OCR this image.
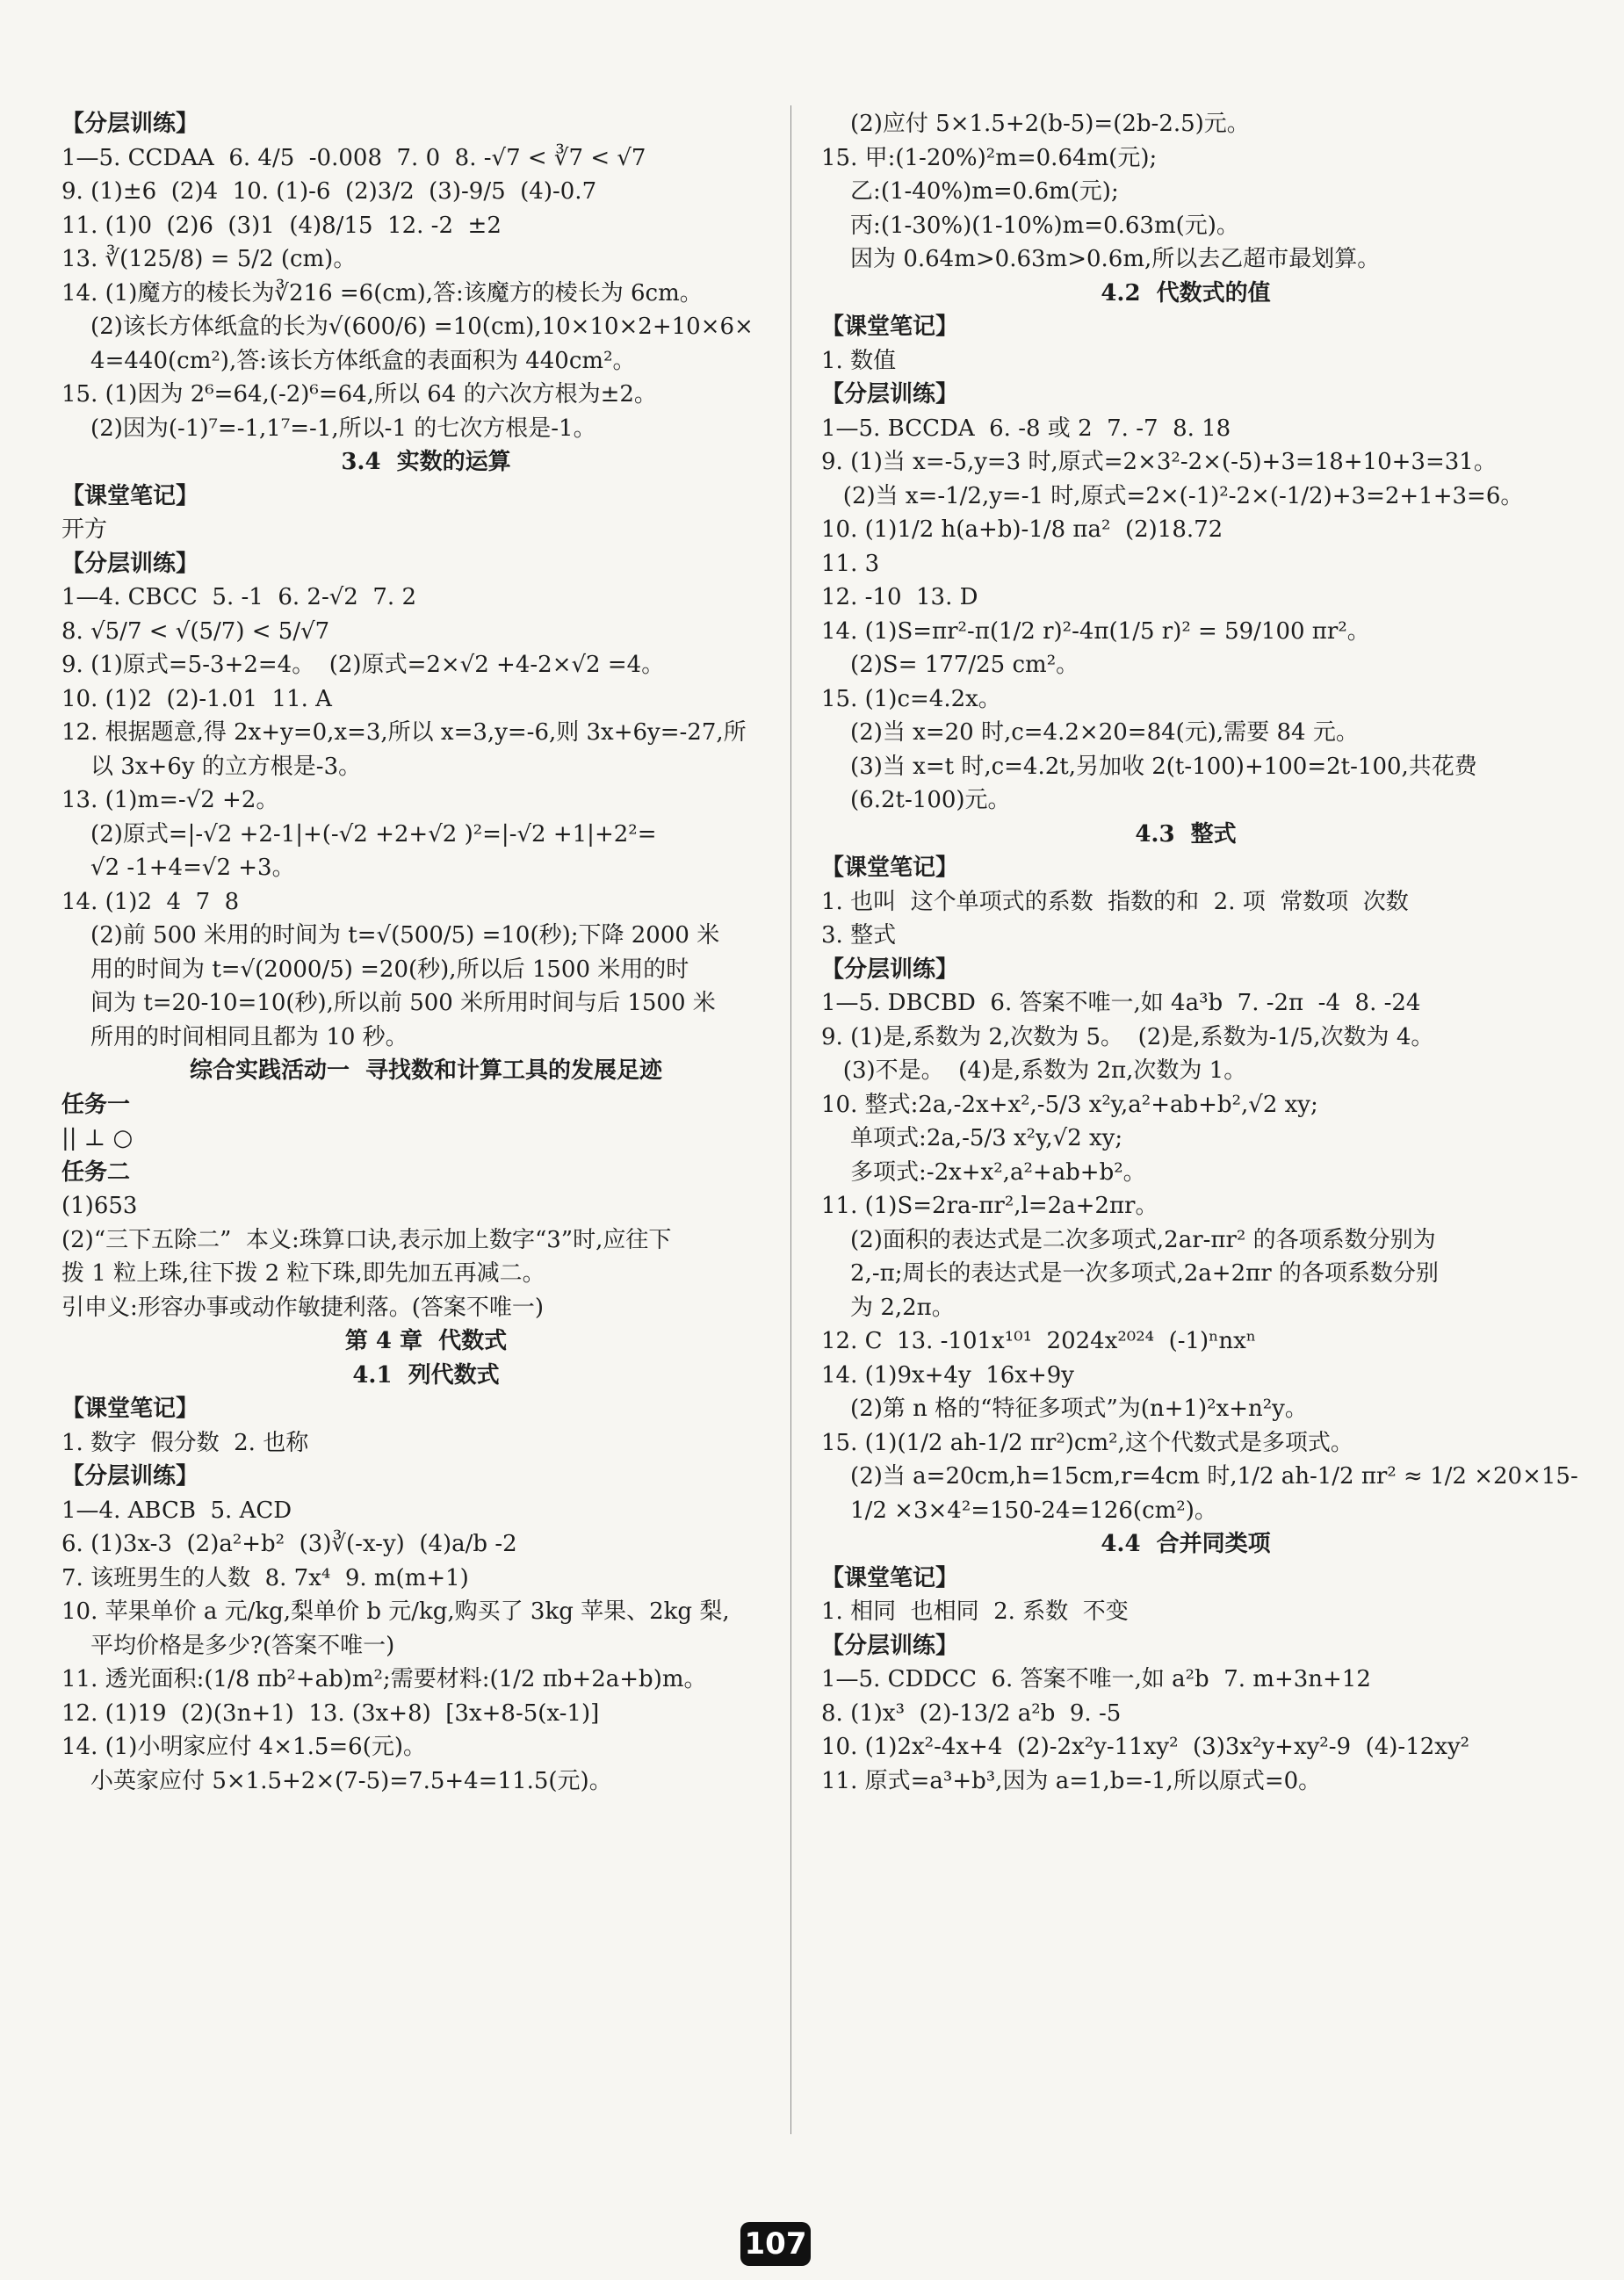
【分层训练】
1—5. CCDAA  6. 4/5  -0.008  7. 0  8. -√7 < ∛7 < √7
9. (1)±6  (2)4  10. (1)-6  (2)3/2  (3)-9/5  (4)-0.7
11. (1)0  (2)6  (3)1  (4)8/15  12. -2  ±2
13. ∛(125/8) = 5/2 (cm)。
14. (1)魔方的棱长为∛216 =6(cm),答:该魔方的棱长为 6cm。
(2)该长方体纸盒的长为√(600/6) =10(cm),10×10×2+10×6×
4=440(cm²),答:该长方体纸盒的表面积为 440cm²。
15. (1)因为 2⁶=64,(-2)⁶=64,所以 64 的六次方根为±2。
(2)因为(-1)⁷=-1,1⁷=-1,所以-1 的七次方根是-1。
3.4  实数的运算
【课堂笔记】
开方
【分层训练】
1—4. CBCC  5. -1  6. 2-√2  7. 2
8. √5/7 < √(5/7) < 5/√7
9. (1)原式=5-3+2=4。  (2)原式=2×√2 +4-2×√2 =4。
10. (1)2  (2)-1.01  11. A
12. 根据题意,得 2x+y=0,x=3,所以 x=3,y=-6,则 3x+6y=-27,所
以 3x+6y 的立方根是-3。
13. (1)m=-√2 +2。
(2)原式=|-√2 +2-1|+(-√2 +2+√2 )²=|-√2 +1|+2²=
√2 -1+4=√2 +3。
14. (1)2  4  7  8
(2)前 500 米用的时间为 t=√(500/5) =10(秒);下降 2000 米
用的时间为 t=√(2000/5) =20(秒),所以后 1500 米用的时
间为 t=20-10=10(秒),所以前 500 米所用时间与后 1500 米
所用的时间相同且都为 10 秒。
综合实践活动一  寻找数和计算工具的发展足迹
任务一
|| ⊥ ○
任务二
(1)653
(2)“三下五除二”  本义:珠算口诀,表示加上数字“3”时,应往下
拨 1 粒上珠,往下拨 2 粒下珠,即先加五再减二。
引申义:形容办事或动作敏捷利落。(答案不唯一)
第 4 章  代数式
4.1  列代数式
【课堂笔记】
1. 数字  假分数  2. 也称
【分层训练】
1—4. ABCB  5. ACD
6. (1)3x-3  (2)a²+b²  (3)∛(-x-y)  (4)a/b -2
7. 该班男生的人数  8. 7x⁴  9. m(m+1)
10. 苹果单价 a 元/kg,梨单价 b 元/kg,购买了 3kg 苹果、2kg 梨,
平均价格是多少?(答案不唯一)
11. 透光面积:(1/8 πb²+ab)m²;需要材料:(1/2 πb+2a+b)m。
12. (1)19  (2)(3n+1)  13. (3x+8)  [3x+8-5(x-1)]
14. (1)小明家应付 4×1.5=6(元)。
小英家应付 5×1.5+2×(7-5)=7.5+4=11.5(元)。
(2)应付 5×1.5+2(b-5)=(2b-2.5)元。
15. 甲:(1-20%)²m=0.64m(元);
乙:(1-40%)m=0.6m(元);
丙:(1-30%)(1-10%)m=0.63m(元)。
因为 0.64m>0.63m>0.6m,所以去乙超市最划算。
4.2  代数式的值
【课堂笔记】
1. 数值
【分层训练】
1—5. BCCDA  6. -8 或 2  7. -7  8. 18
9. (1)当 x=-5,y=3 时,原式=2×3²-2×(-5)+3=18+10+3=31。
(2)当 x=-1/2,y=-1 时,原式=2×(-1)²-2×(-1/2)+3=2+1+3=6。
10. (1)1/2 h(a+b)-1/8 πa²  (2)18.72
11. 3
12. -10  13. D
14. (1)S=πr²-π(1/2 r)²-4π(1/5 r)² = 59/100 πr²。
(2)S= 177/25 cm²。
15. (1)c=4.2x。
(2)当 x=20 时,c=4.2×20=84(元),需要 84 元。
(3)当 x=t 时,c=4.2t,另加收 2(t-100)+100=2t-100,共花费
(6.2t-100)元。
4.3  整式
【课堂笔记】
1. 也叫  这个单项式的系数  指数的和  2. 项  常数项  次数
3. 整式
【分层训练】
1—5. DBCBD  6. 答案不唯一,如 4a³b  7. -2π  -4  8. -24
9. (1)是,系数为 2,次数为 5。  (2)是,系数为-1/5,次数为 4。
(3)不是。  (4)是,系数为 2π,次数为 1。
10. 整式:2a,-2x+x²,-5/3 x²y,a²+ab+b²,√2 xy;
单项式:2a,-5/3 x²y,√2 xy;
多项式:-2x+x²,a²+ab+b²。
11. (1)S=2ra-πr²,l=2a+2πr。
(2)面积的表达式是二次多项式,2ar-πr² 的各项系数分别为
2,-π;周长的表达式是一次多项式,2a+2πr 的各项系数分别
为 2,2π。
12. C  13. -101x¹⁰¹  2024x²⁰²⁴  (-1)ⁿnxⁿ
14. (1)9x+4y  16x+9y
(2)第 n 格的“特征多项式”为(n+1)²x+n²y。
15. (1)(1/2 ah-1/2 πr²)cm²,这个代数式是多项式。
(2)当 a=20cm,h=15cm,r=4cm 时,1/2 ah-1/2 πr² ≈ 1/2 ×20×15-
1/2 ×3×4²=150-24=126(cm²)。
4.4  合并同类项
【课堂笔记】
1. 相同  也相同  2. 系数  不变
【分层训练】
1—5. CDDCC  6. 答案不唯一,如 a²b  7. m+3n+12
8. (1)x³  (2)-13/2 a²b  9. -5
10. (1)2x²-4x+4  (2)-2x²y-11xy²  (3)3x²y+xy²-9  (4)-12xy²
11. 原式=a³+b³,因为 a=1,b=-1,所以原式=0。
107
